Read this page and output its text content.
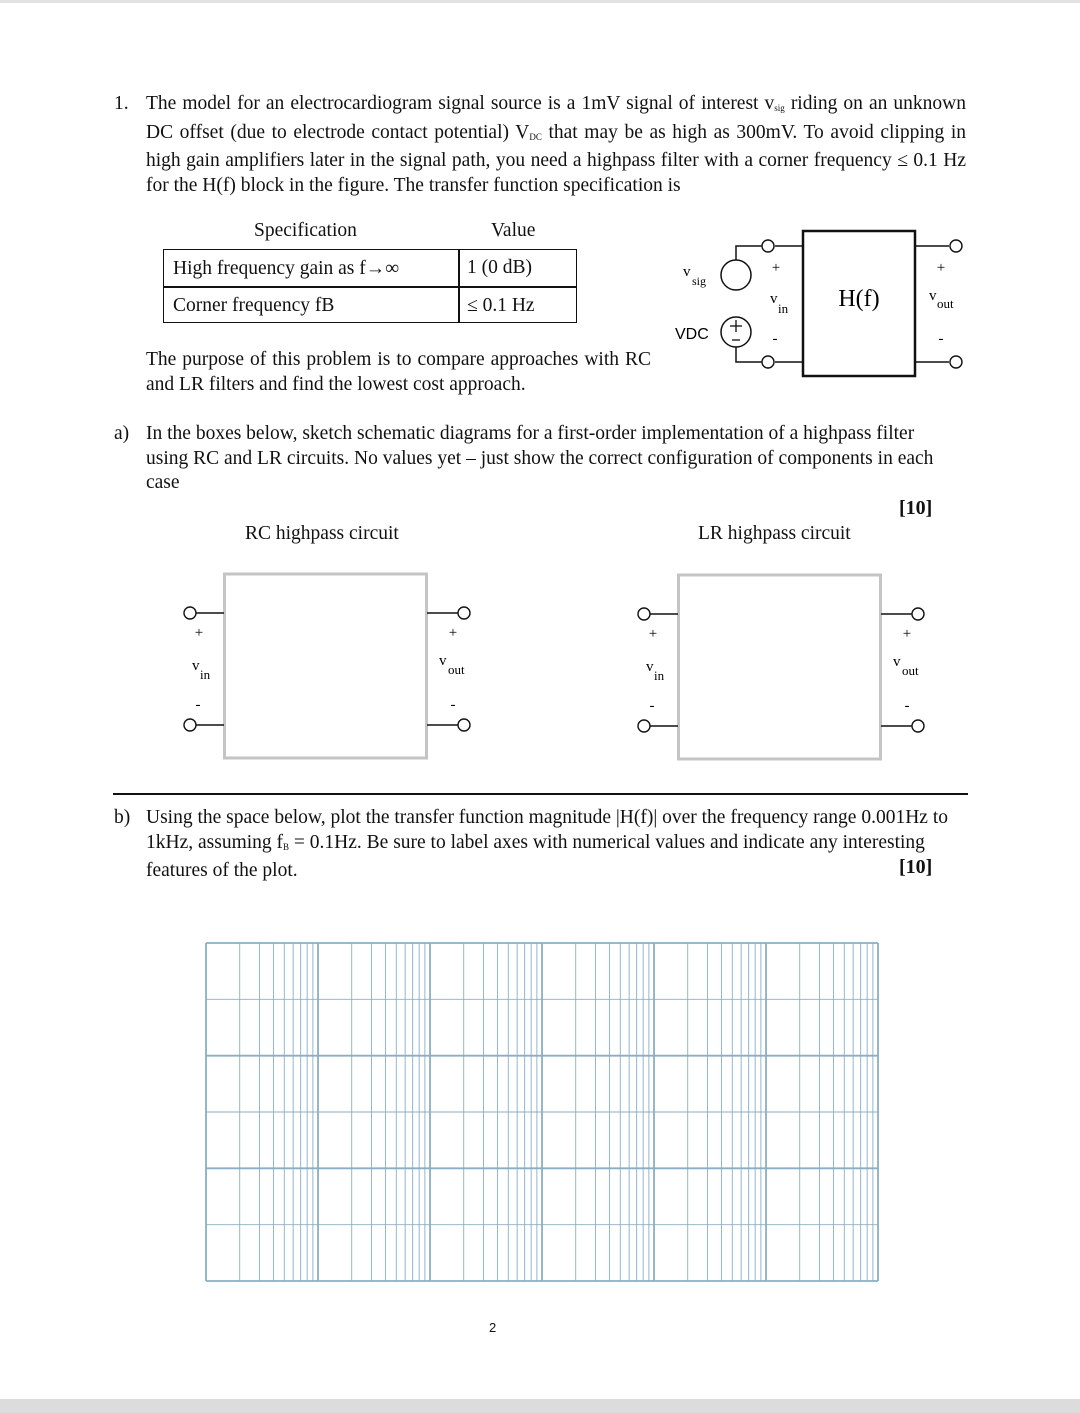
1. The model for an electrocardiogram signal source is a 1mV signal of interest $v_{sig}$ riding on an unknown DC offset (due to electrode contact potential) $V_{DC}$ that may be as high as 300mV. To avoid clipping in high gain amplifiers later in the signal path, you need a highpass filter with a corner frequency ≤ 0.1 Hz for the H(f) block in the figure. The transfer function specification is
Specification	Value
High frequency gain as f→∞	1 (0 dB)
Corner frequency fB	≤ 0.1 Hz	H(f)
v
sig
VDC
+
v
in
-
+
v out
-
The purpose of this problem is to compare approaches with RC and LR filters and find the lowest cost approach.
a) In the boxes below, sketch schematic diagrams for a first-order implementation of a highpass filter using RC and LR circuits. No values yet – just show the correct configuration of components in each case
[10]
RC highpass circuit	LR highpass circuit
+
v
in
-
+
v
out
-
+
v
in
-
+
v
out
-
b) Using the space below, plot the transfer function magnitude |H(f)| over the frequency range 0.001Hz to 1kHz, assuming $f_B = 0.1Hz$. Be sure to label axes with numerical values and indicate any interesting features of the plot.	[10]
2
